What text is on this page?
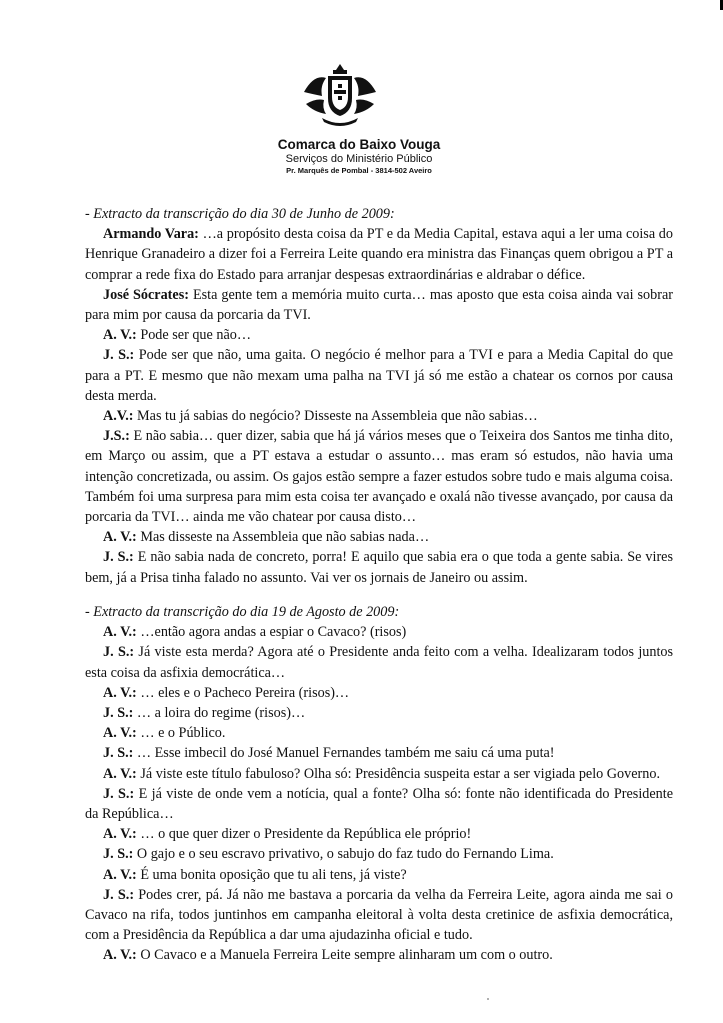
Comarca do Baixo Vouga
Serviços do Ministério Público
Pr. Marquês de Pombal - 3814-502 Aveiro
- Extracto da transcrição do dia 30 de Junho de 2009:

Armando Vara: …a propósito desta coisa da PT e da Media Capital, estava aqui a ler uma coisa do Henrique Granadeiro a dizer foi a Ferreira Leite quando era ministra das Finanças quem obrigou a PT a comprar a rede fixa do Estado para arranjar despesas extraordinárias e aldrabar o défice.

José Sócrates: Esta gente tem a memória muito curta… mas aposto que esta coisa ainda vai sobrar para mim por causa da porcaria da TVI.

A. V.: Pode ser que não…

J. S.: Pode ser que não, uma gaita. O negócio é melhor para a TVI e para a Media Capital do que para a PT. E mesmo que não mexam uma palha na TVI já só me estão a chatear os cornos por causa desta merda.

A.V.: Mas tu já sabias do negócio? Disseste na Assembleia que não sabias…

J.S.: E não sabia… quer dizer, sabia que há já vários meses que o Teixeira dos Santos me tinha dito, em Março ou assim, que a PT estava a estudar o assunto… mas eram só estudos, não havia uma intenção concretizada, ou assim. Os gajos estão sempre a fazer estudos sobre tudo e mais alguma coisa. Também foi uma surpresa para mim esta coisa ter avançado e oxalá não tivesse avançado, por causa da porcaria da TVI… ainda me vão chatear por causa disto…

A. V.: Mas disseste na Assembleia que não sabias nada…

J. S.: E não sabia nada de concreto, porra! E aquilo que sabia era o que toda a gente sabia. Se vires bem, já a Prisa tinha falado no assunto. Vai ver os jornais de Janeiro ou assim.

- Extracto da transcrição do dia 19 de Agosto de 2009:

A. V.: …então agora andas a espiar o Cavaco? (risos)

J. S.: Já viste esta merda? Agora até o Presidente anda feito com a velha. Idealizaram todos juntos esta coisa da asfixia democrática…

A. V.: … eles e o Pacheco Pereira (risos)…

J. S.: … a loira do regime (risos)…

A. V.: … e o Público.

J. S.: … Esse imbecil do José Manuel Fernandes também me saiu cá uma puta!

A. V.: Já viste este título fabuloso? Olha só: Presidência suspeita estar a ser vigiada pelo Governo.

J. S.: E já viste de onde vem a notícia, qual a fonte? Olha só: fonte não identificada do Presidente da República…

A. V.: … o que quer dizer o Presidente da República ele próprio!

J. S.: O gajo e o seu escravo privativo, o sabujo do faz tudo do Fernando Lima.

A. V.: É uma bonita oposição que tu ali tens, já viste?

J. S.: Podes crer, pá. Já não me bastava a porcaria da velha da Ferreira Leite, agora ainda me sai o Cavaco na rifa, todos juntinhos em campanha eleitoral à volta desta cretinice de asfixia democrática, com a Presidência da República a dar uma ajudazinha oficial e tudo.

A. V.: O Cavaco e a Manuela Ferreira Leite sempre alinharam um com o outro.
